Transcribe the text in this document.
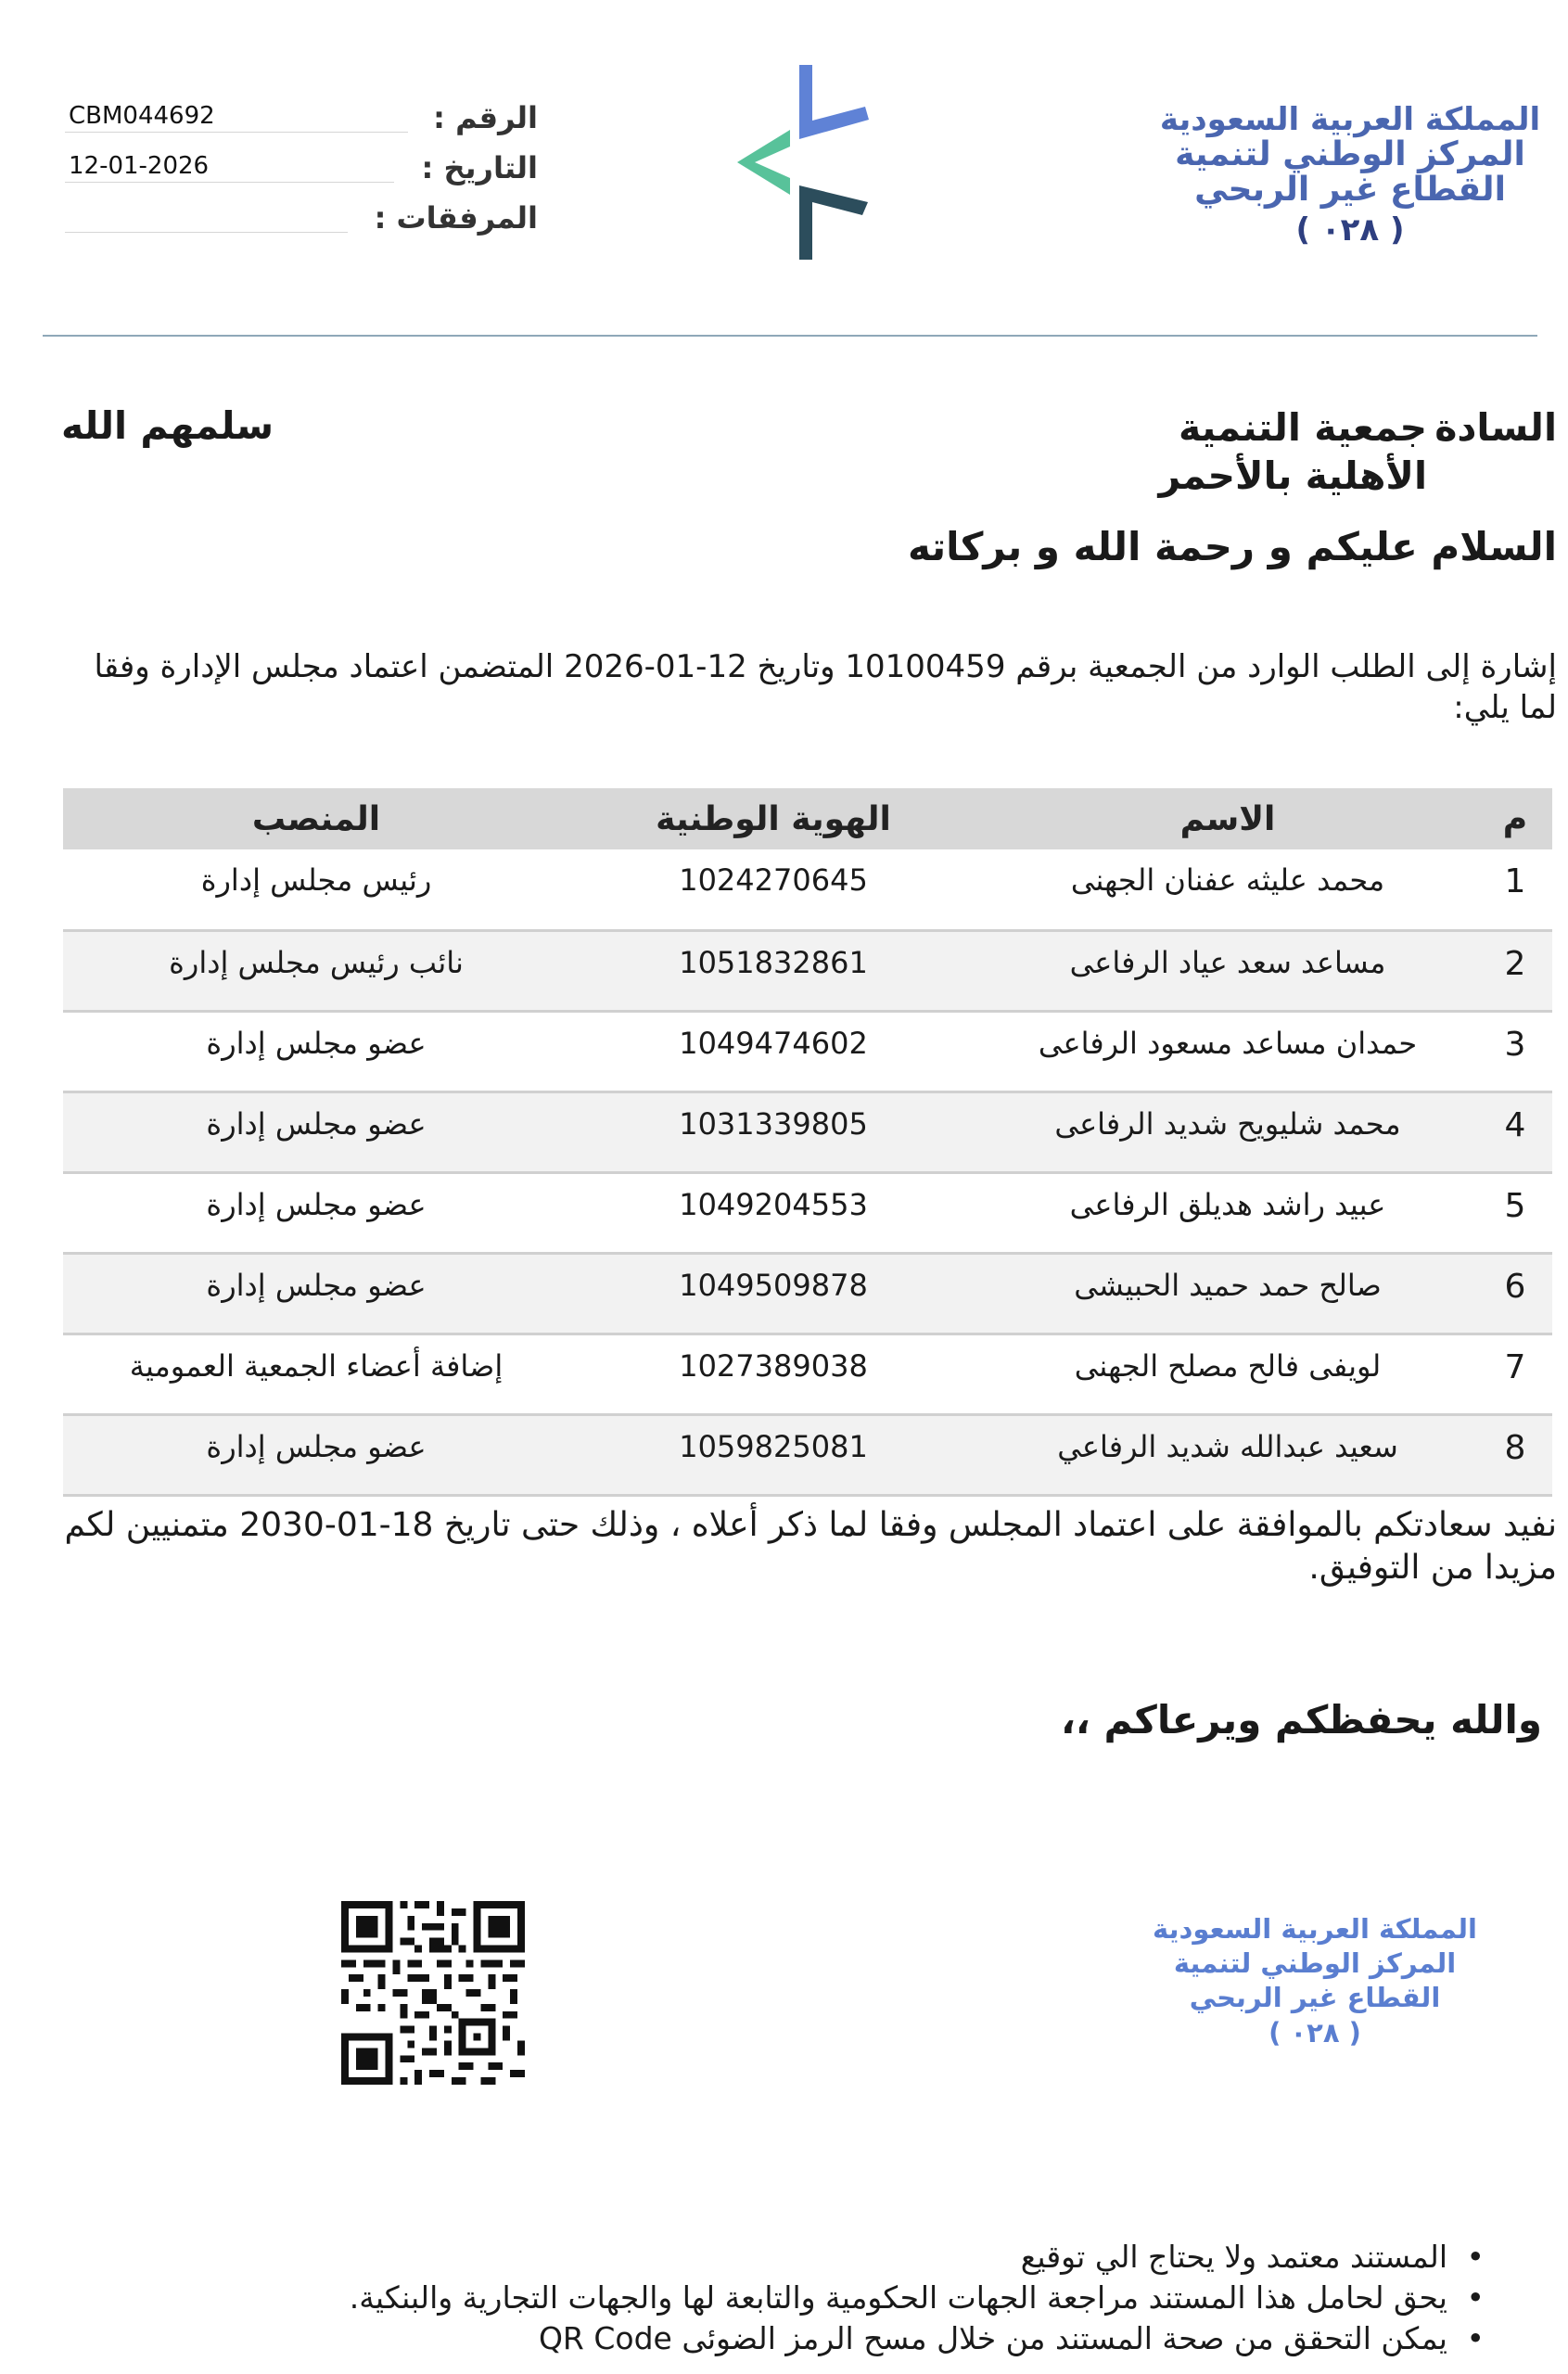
المملكة العربية السعودية
المركز الوطني لتنمية
القطاع غير الربحي
( ٠٢٨ )
الرقم :
CBM044692
التاريخ :
12-01-2026
المرفقات :
السادة
جمعية التنمية الأهلية بالأحمر
سلمهم الله
السلام عليكم و رحمة الله و بركاته

إشارة إلى الطلب الوارد من الجمعية برقم 10100459 وتاريخ 12-01-2026 المتضمن اعتماد مجلس الإدارة وفقا لما يلي:

م	الاسم	الهوية الوطنية	المنصب
1	محمد عليثه عفنان الجهنى	1024270645	رئيس مجلس إدارة
2	مساعد سعد عياد الرفاعى	1051832861	نائب رئيس مجلس إدارة
3	حمدان مساعد مسعود الرفاعى	1049474602	عضو مجلس إدارة
4	محمد شليويح شديد الرفاعى	1031339805	عضو مجلس إدارة
5	عبيد راشد هديلق الرفاعى	1049204553	عضو مجلس إدارة
6	صالح حمد حميد الحبيشى	1049509878	عضو مجلس إدارة
7	لويفى فالح مصلح الجهنى	1027389038	إضافة أعضاء الجمعية العمومية
8	سعيد عبدالله شديد الرفاعي	1059825081	عضو مجلس إدارة

نفيد سعادتكم بالموافقة على اعتماد المجلس وفقا لما ذكر أعلاه ، وذلك حتى تاريخ 18-01-2030 متمنيين لكم مزيدا من التوفيق.

والله يحفظكم ويرعاكم ،،
المملكة العربية السعودية
المركز الوطني لتنمية
القطاع غير الربحي
( ٠٢٨ )
• المستند معتمد ولا يحتاج الي توقيع
• يحق لحامل هذا المستند مراجعة الجهات الحكومية والتابعة لها والجهات التجارية والبنكية.
• يمكن التحقق من صحة المستند من خلال مسح الرمز الضوئى QR Code
